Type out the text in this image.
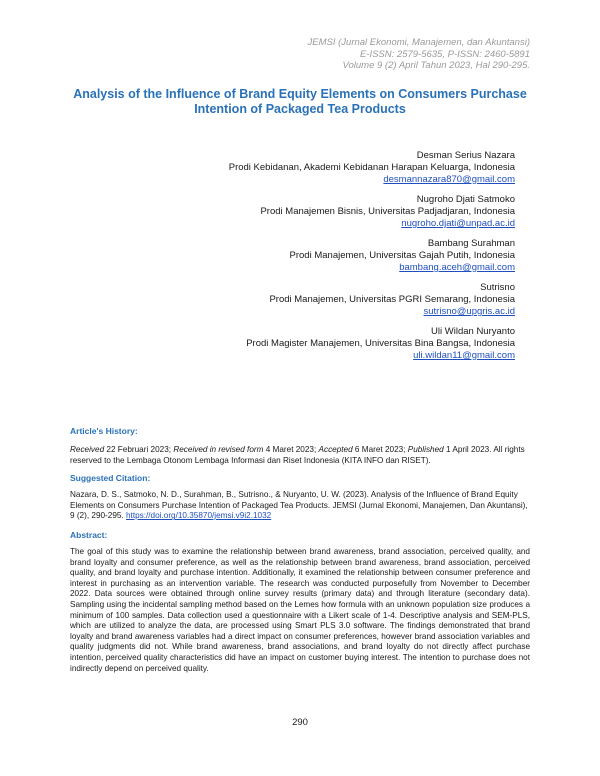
JEMSI (Jurnal Ekonomi, Manajemen, dan Akuntansi)
E-ISSN: 2579-5635, P-ISSN: 2460-5891
Volume 9 (2) April Tahun 2023, Hal 290-295.
Analysis of the Influence of Brand Equity Elements on Consumers Purchase
Intention of Packaged Tea Products
Desman Serius Nazara
Prodi Kebidanan, Akademi Kebidanan Harapan Keluarga, Indonesia
desmannazara870@gmail.com
Nugroho Djati Satmoko
Prodi Manajemen Bisnis, Universitas Padjadjaran, Indonesia
nugroho.djati@unpad.ac.id
Bambang Surahman
Prodi Manajemen, Universitas Gajah Putih, Indonesia
bambang.aceh@gmail.com
Sutrisno
Prodi Manajemen, Universitas PGRI Semarang, Indonesia
sutrisno@upgris.ac.id
Uli Wildan Nuryanto
Prodi Magister Manajemen, Universitas Bina Bangsa, Indonesia
uli.wildan11@gmail.com
Article's History:
Received 22 Februari 2023; Received in revised form 4 Maret 2023; Accepted 6 Maret 2023; Published 1 April 2023. All rights reserved to the Lembaga Otonom Lembaga Informasi dan Riset Indonesia (KITA INFO dan RISET).
Suggested Citation:
Nazara, D. S., Satmoko, N. D., Surahman, B., Sutrisno., & Nuryanto, U. W. (2023). Analysis of the Influence of Brand Equity Elements on Consumers Purchase Intention of Packaged Tea Products. JEMSI (Jurnal Ekonomi, Manajemen, Dan Akuntansi), 9 (2), 290-295. https://doi.org/10.35870/jemsi.v9i2.1032
Abstract:
The goal of this study was to examine the relationship between brand awareness, brand association, perceived quality, and brand loyalty and consumer preference, as well as the relationship between brand awareness, brand association, perceived quality, and brand loyalty and purchase intention. Additionally, it examined the relationship between consumer preference and interest in purchasing as an intervention variable. The research was conducted purposefully from November to December 2022. Data sources were obtained through online survey results (primary data) and through literature (secondary data). Sampling using the incidental sampling method based on the Lemes how formula with an unknown population size produces a minimum of 100 samples. Data collection used a questionnaire with a Likert scale of 1-4. Descriptive analysis and SEM-PLS, which are utilized to analyze the data, are processed using Smart PLS 3.0 software. The findings demonstrated that brand loyalty and brand awareness variables had a direct impact on consumer preferences, however brand association variables and quality judgments did not. While brand awareness, brand associations, and brand loyalty do not directly affect purchase intention, perceived quality characteristics did have an impact on customer buying interest. The intention to purchase does not indirectly depend on perceived quality.
290
